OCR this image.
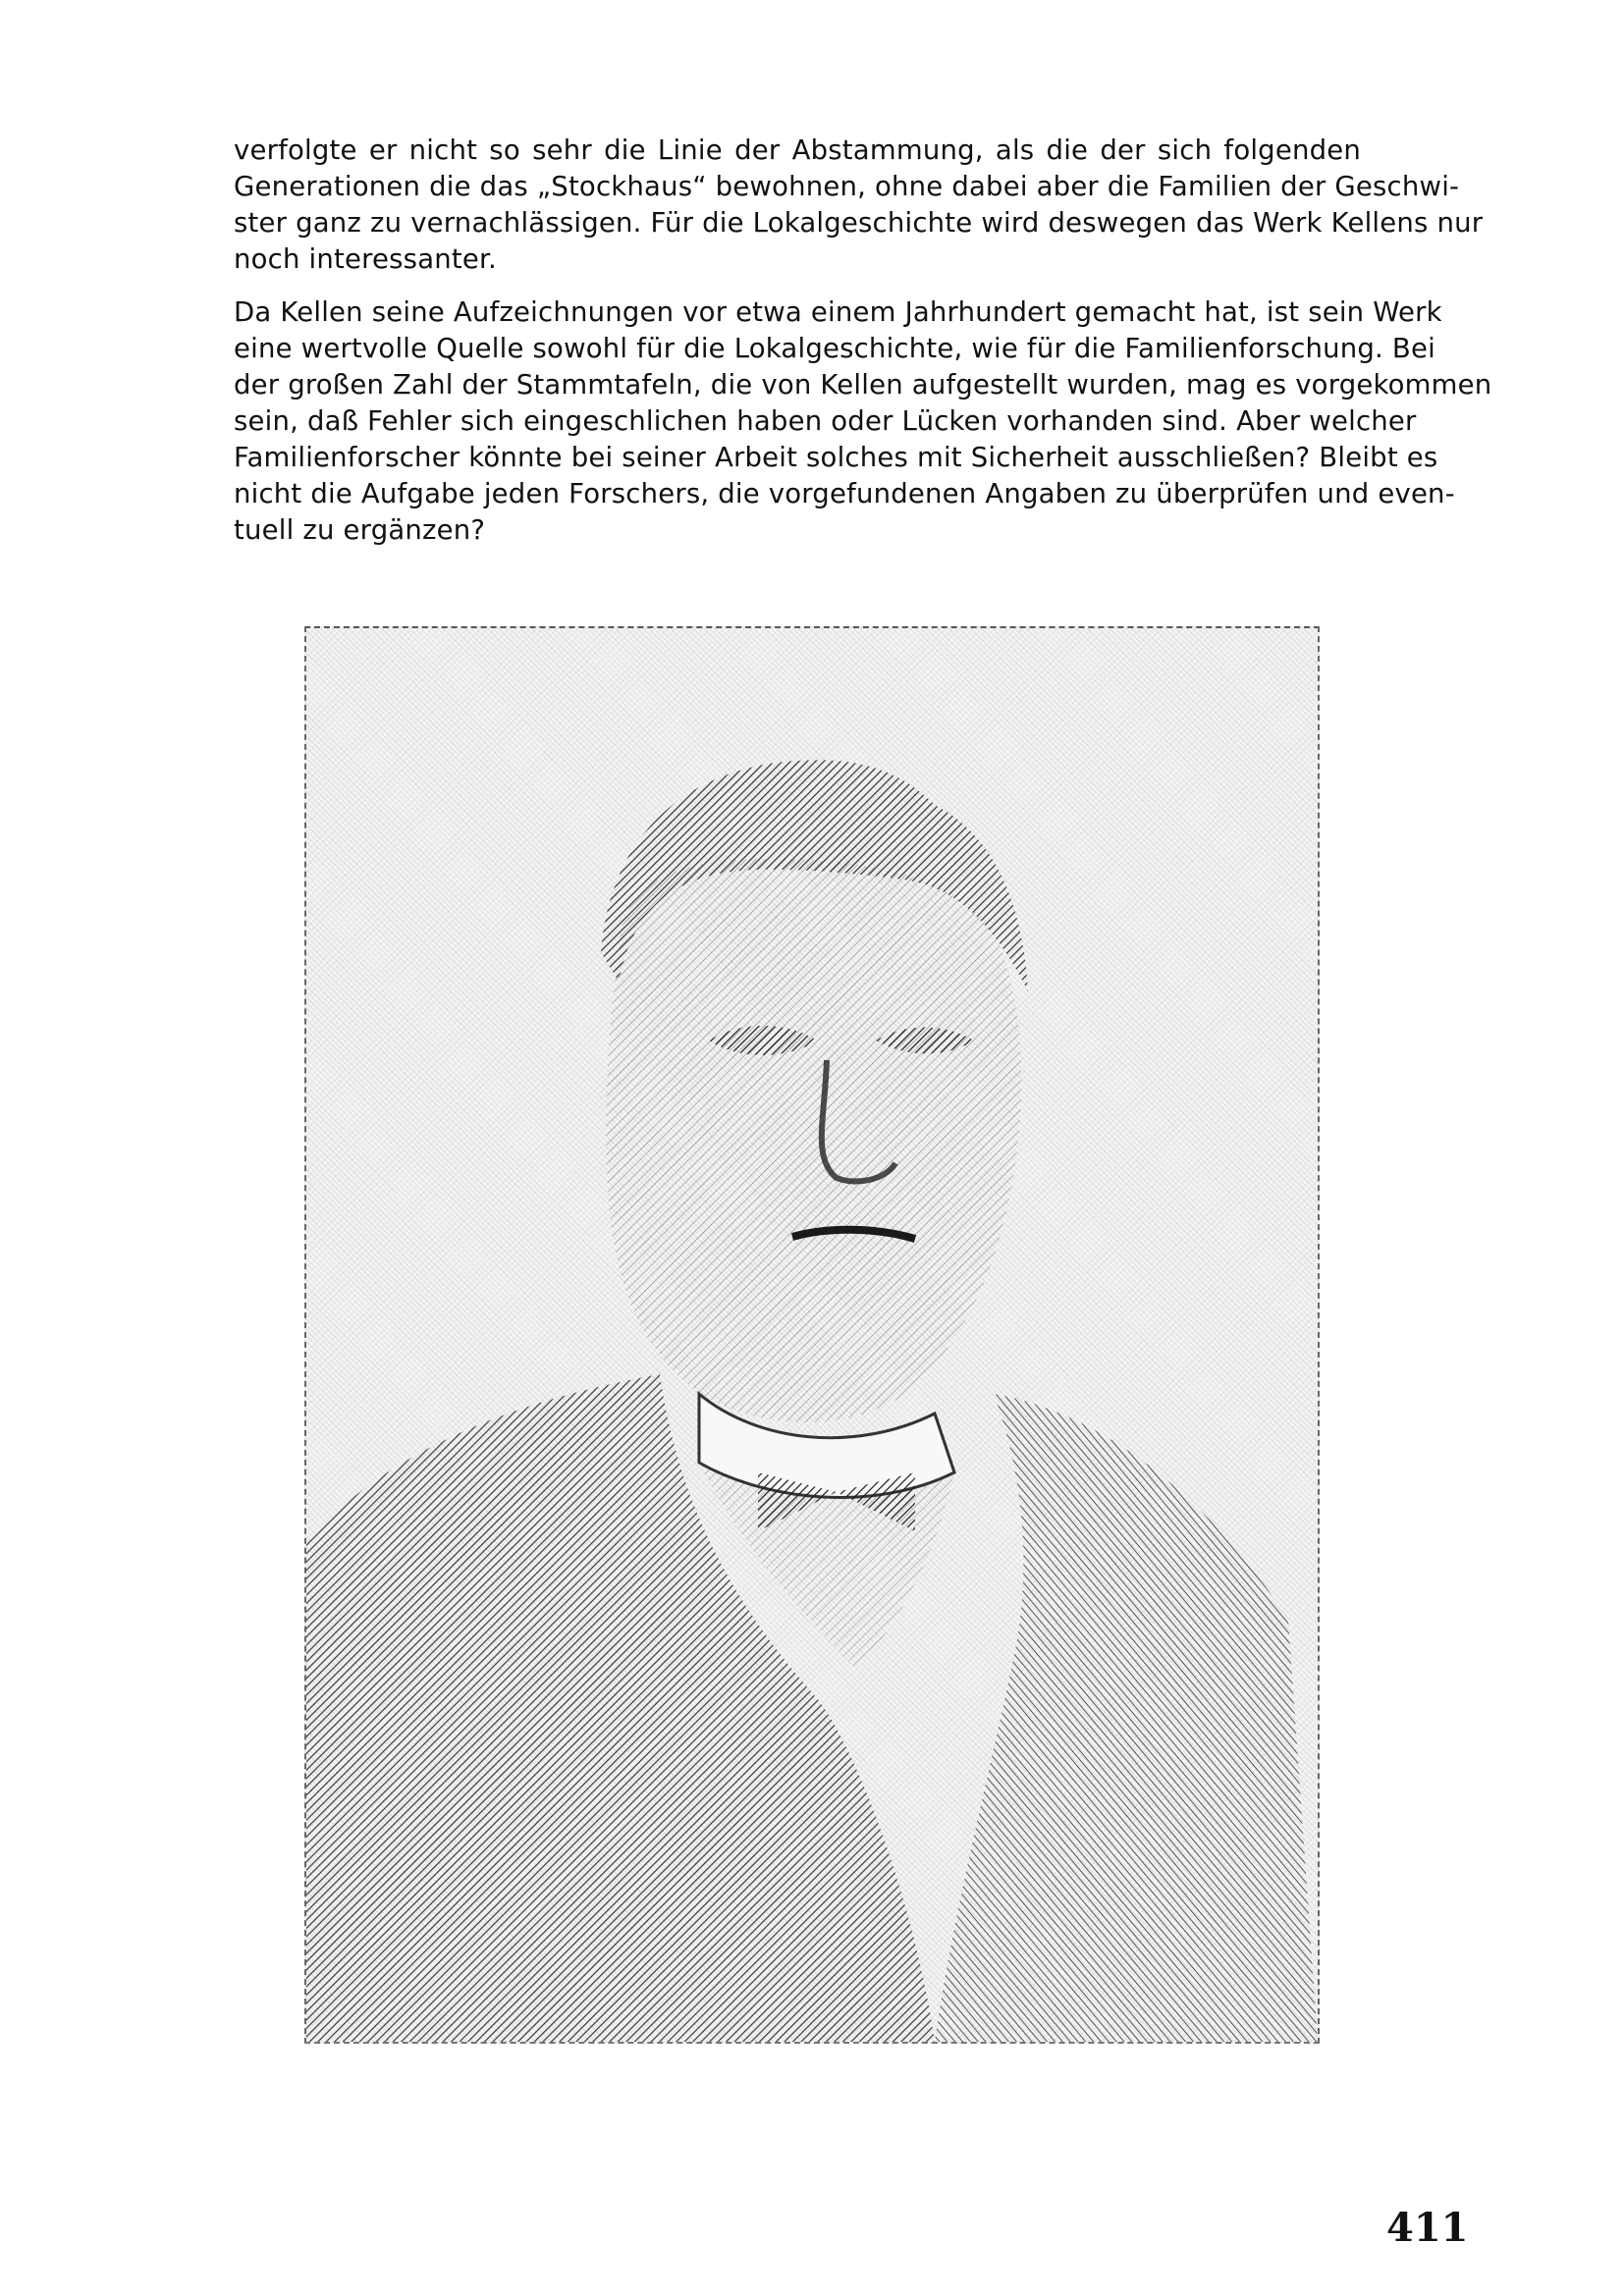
verfolgte er nicht so sehr die Linie der Abstammung, als die der sich folgenden
Generationen die das „Stockhaus“ bewohnen, ohne dabei aber die Familien der Geschwi-
ster ganz zu vernachlässigen. Für die Lokalgeschichte wird deswegen das Werk Kellens nur
noch interessanter.
Da Kellen seine Aufzeichnungen vor etwa einem Jahrhundert gemacht hat, ist sein Werk
eine wertvolle Quelle sowohl für die Lokalgeschichte, wie für die Familienforschung. Bei
der großen Zahl der Stammtafeln, die von Kellen aufgestellt wurden, mag es vorgekommen
sein, daß Fehler sich eingeschlichen haben oder Lücken vorhanden sind. Aber welcher
Familienforscher könnte bei seiner Arbeit solches mit Sicherheit ausschließen? Bleibt es
nicht die Aufgabe jeden Forschers, die vorgefundenen Angaben zu überprüfen und even-
tuell zu ergänzen?
411
